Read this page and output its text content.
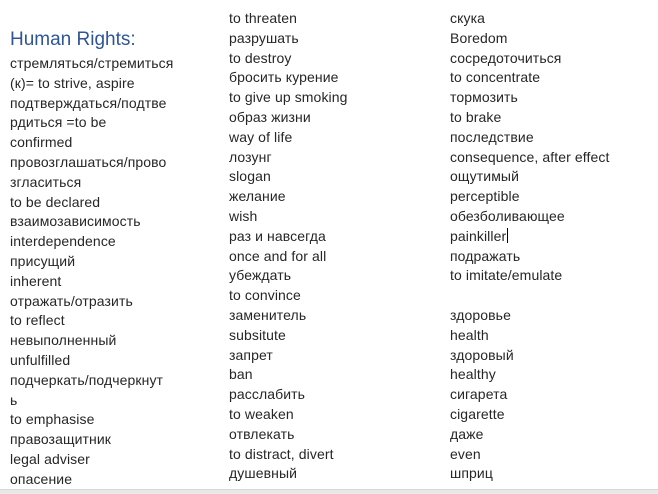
Human Rights:
стремляться/стремиться
(к)= to strive, aspire
подтверждаться/подтве
рдиться =to be
confirmed
провозглашаться/прово
згласиться
to be declared
взаимозависимость
interdependence
присущий
inherent
отражать/отразить
to reflect
невыполненный
unfulfilled
подчеркать/подчеркнут
ь
to emphasise
правозащитник
legal adviser
опасение
to threaten
разрушать
to destroy
бросить курение
to give up smoking
образ жизни
way of life
лозунг
slogan
желание
wish
раз и навсегда
once and for all
убеждать
to convince
заменитель
subsitute
запрет
ban
расслабить
to weaken
отвлекать
to distract, divert
душевный
скука
Boredom
сосредоточиться
to concentrate
тормозить
to brake
последствие
consequence, after effect
ощутимый
perceptible
обезболивающее
painkiller
подражать
to imitate/emulate
здоровье
health
здоровый
healthy
сигарета
cigarette
даже
even
шприц
